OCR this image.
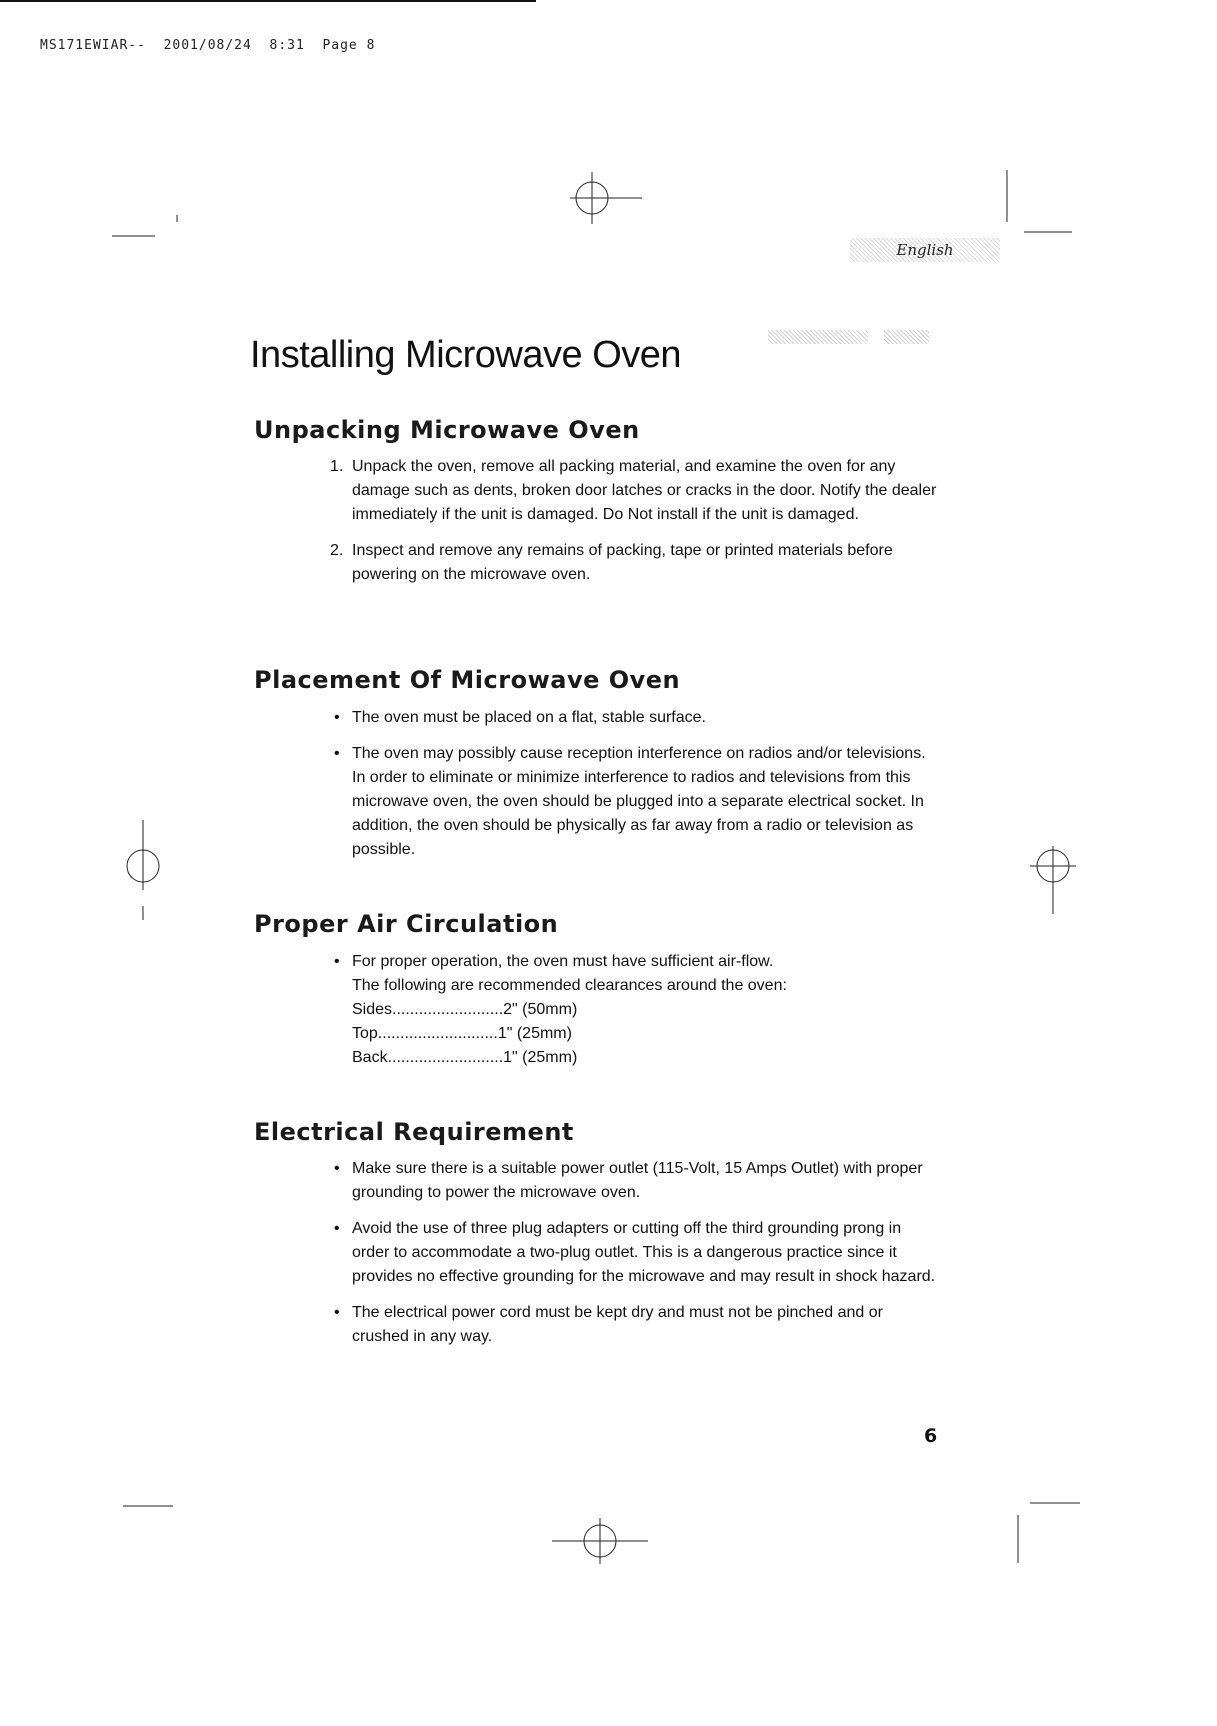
MS171EWIAR--  2001/08/24  8:31  Page 8
English
Installing Microwave Oven
Unpacking Microwave Oven
1. Unpack the oven, remove all packing material, and examine the oven for any damage such as dents, broken door latches or cracks in the door. Notify the dealer immediately if the unit is damaged. Do Not install if the unit is damaged.
2. Inspect and remove any remains of packing, tape or printed materials before powering on the microwave oven.
Placement Of Microwave Oven
• The oven must be placed on a flat, stable surface.
• The oven may possibly cause reception interference on radios and/or televisions. In order to eliminate or minimize interference to radios and televisions from this microwave oven, the oven should be plugged into a separate electrical socket. In addition, the oven should be physically as far away from a radio or television as possible.
Proper Air Circulation
• For proper operation, the oven must have sufficient air-flow.
The following are recommended clearances around the oven:
Sides.........................2" (50mm)
Top...........................1" (25mm)
Back..........................1" (25mm)
Electrical Requirement
• Make sure there is a suitable power outlet (115-Volt, 15 Amps Outlet) with proper grounding to power the microwave oven.
• Avoid the use of three plug adapters or cutting off the third grounding prong in order to accommodate a two-plug outlet. This is a dangerous practice since it provides no effective grounding for the microwave and may result in shock hazard.
• The electrical power cord must be kept dry and must not be pinched and or crushed in any way.
6
